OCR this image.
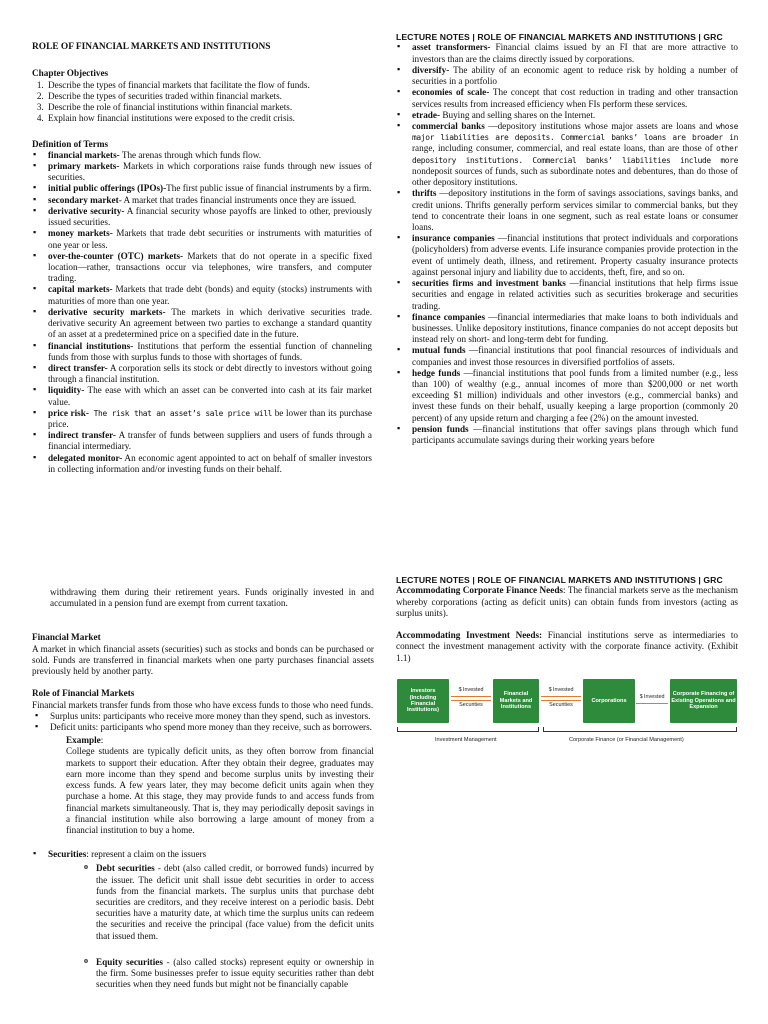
ROLE OF FINANCIAL MARKETS AND INSTITUTIONS
Chapter Objectives
1. Describe the types of financial markets that facilitate the flow of funds.
2. Describe the types of securities traded within financial markets.
3. Describe the role of financial institutions within financial markets.
4. Explain how financial institutions were exposed to the credit crisis.
Definition of Terms
▪ financial markets- The arenas through which funds flow.
▪ primary markets- Markets in which corporations raise funds through new issues of securities.
▪ initial public offerings (IPOs)-The first public issue of financial instruments by a firm.
▪ secondary market- A market that trades financial instruments once they are issued.
▪ derivative security- A financial security whose payoffs are linked to other, previously issued securities.
▪ money markets- Markets that trade debt securities or instruments with maturities of one year or less.
▪ over-the-counter (OTC) markets- Markets that do not operate in a specific fixed location—rather, transactions occur via telephones, wire transfers, and computer trading.
▪ capital markets- Markets that trade debt (bonds) and equity (stocks) instruments with maturities of more than one year.
▪ derivative security markets- The markets in which derivative securities trade. derivative security An agreement between two parties to exchange a standard quantity of an asset at a predetermined price on a specified date in the future.
▪ financial institutions- Institutions that perform the essential function of channeling funds from those with surplus funds to those with shortages of funds.
▪ direct transfer- A corporation sells its stock or debt directly to investors without going through a financial institution.
▪ liquidity- The ease with which an asset can be converted into cash at its fair market value.
▪ price risk- The risk that an asset’s sale price will be lower than its purchase price.
▪ indirect transfer- A transfer of funds between suppliers and users of funds through a financial intermediary.
▪ delegated monitor- An economic agent appointed to act on behalf of smaller investors in collecting information and/or investing funds on their behalf.
LECTURE NOTES | ROLE OF FINANCIAL MARKETS AND INSTITUTIONS | GRC
▪ asset transformers- Financial claims issued by an FI that are more attractive to investors than are the claims directly issued by corporations.
▪ diversify- The ability of an economic agent to reduce risk by holding a number of securities in a portfolio
▪ economies of scale- The concept that cost reduction in trading and other transaction services results from increased efficiency when FIs perform these services.
▪ etrade- Buying and selling shares on the Internet.
▪ commercial banks —depository institutions whose major assets are loans and whose major liabilities are deposits. Commercial banks’ loans are broader in range, including consumer, commercial, and real estate loans, than are those of other depository institutions. Commercial banks’ liabilities include more nondeposit sources of funds, such as subordinate notes and debentures, than do those of other depository institutions.
▪ thrifts —depository institutions in the form of savings associations, savings banks, and credit unions. Thrifts generally perform services similar to commercial banks, but they tend to concentrate their loans in one segment, such as real estate loans or consumer loans.
▪ insurance companies —financial institutions that protect individuals and corporations (policyholders) from adverse events. Life insurance companies provide protection in the event of untimely death, illness, and retirement. Property casualty insurance protects against personal injury and liability due to accidents, theft, fire, and so on.
▪ securities firms and investment banks —financial institutions that help firms issue securities and engage in related activities such as securities brokerage and securities trading.
▪ finance companies —financial intermediaries that make loans to both individuals and businesses. Unlike depository institutions, finance companies do not accept deposits but instead rely on short- and long-term debt for funding.
▪ mutual funds —financial institutions that pool financial resources of individuals and companies and invest those resources in diversified portfolios of assets.
▪ hedge funds —financial institutions that pool funds from a limited number (e.g., less than 100) of wealthy (e.g., annual incomes of more than $200,000 or net worth exceeding $1 million) individuals and other investors (e.g., commercial banks) and invest these funds on their behalf, usually keeping a large proportion (commonly 20 percent) of any upside return and charging a fee (2%) on the amount invested.
▪ pension funds —financial institutions that offer savings plans through which fund participants accumulate savings during their working years before

withdrawing them during their retirement years. Funds originally invested in and accumulated in a pension fund are exempt from current taxation.

Financial Market

A market in which financial assets (securities) such as stocks and bonds can be purchased or sold. Funds are transferred in financial markets when one party purchases financial assets previously held by another party.

Role of Financial Markets

Financial markets transfer funds from those who have excess funds to those who need funds.

▪ Surplus units: participants who receive more money than they spend, such as investors.
▪ Deficit units: participants who spend more money than they receive, such as borrowers.
Example:

College students are typically deficit units, as they often borrow from financial markets to support their education. After they obtain their degree, graduates may earn more income than they spend and become surplus units by investing their excess funds. A few years later, they may become deficit units again when they purchase a home. At this stage, they may provide funds to and access funds from financial markets simultaneously. That is, they may periodically deposit savings in a financial institution while also borrowing a large amount of money from a financial institution to buy a home.

▪ Securities: represent a claim on the issuers
o Debt securities - debt (also called credit, or borrowed funds) incurred by the issuer. The deficit unit shall issue debt securities in order to access funds from the financial markets. The surplus units that purchase debt securities are creditors, and they receive interest on a periodic basis. Debt securities have a maturity date, at which time the surplus units can redeem the securities and receive the principal (face value) from the deficit units that issued them.
o Equity securities - (also called stocks) represent equity or ownership in the firm. Some businesses prefer to issue equity securities rather than debt securities when they need funds but might not be financially capable
LECTURE NOTES | ROLE OF FINANCIAL MARKETS AND INSTITUTIONS | GRC

Accommodating Corporate Finance Needs: The financial markets serve as the mechanism whereby corporations (acting as deficit units) can obtain funds from investors (acting as surplus units).

Accommodating Investment Needs: Financial institutions serve as intermediaries to connect the investment management activity with the corporate finance activity. (Exhibit 1.1)

Investors (Including Financial Institutions)
$ Invested
Securities
Financial Markets and Institutions
$ Invested
Securities
Corporations
$ Invested	Corporate Financing of Existing Operations and Expansion
Investment Management	Corporate Finance (or Financial Management)
